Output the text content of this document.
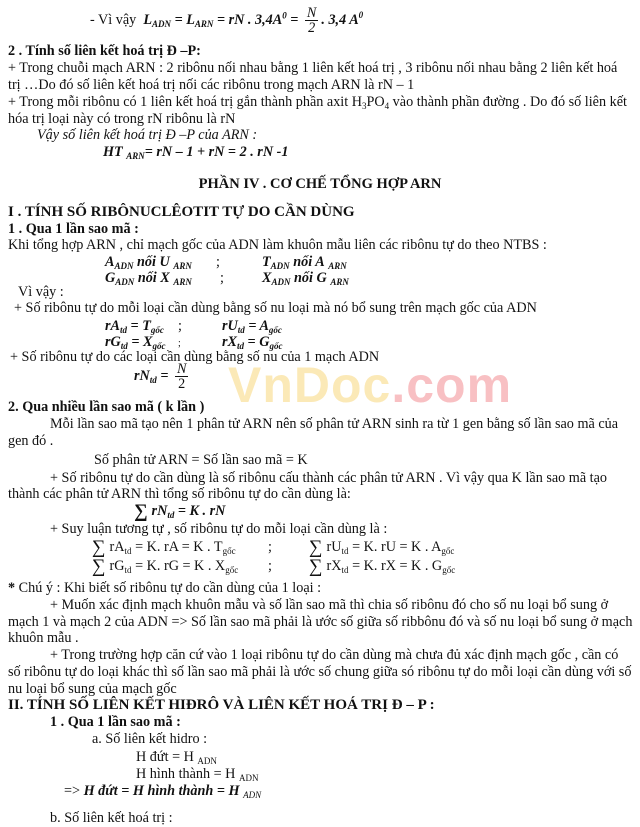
VnDoc.com
- Vì vậy $L_{ADN} = L_{ARN}$ = rN . $3,4A^0 = \frac{N}{2}$ . 3,4 $A^0$
2 . Tính số liên kết hoá trị Đ –P:
+ Trong chuỗi mạch ARN : 2 ribônu nối nhau bằng 1 liên kết hoá trị , 3 ribônu nối nhau bằng 2 liên kết hoá
trị …Do đó số liên kết hoá trị nối các ribônu trong mạch ARN là rN – 1
+ Trong mỗi ribônu có 1 liên kết hoá trị gắn thành phần axit $H_3PO_4$ vào thành phần đường . Do đó số liên kết
hóa trị loại này có trong rN ribônu là rN
Vậy số liên kết hoá trị Đ –P của ARN :
HT $_{ARN}$= rN – 1 + rN = 2 . rN -1
PHẦN IV . CƠ CHẾ TỔNG HỢP ARN
I . TÍNH SỐ RIBÔNUCLÊOTIT TỰ DO CẦN DÙNG
1 . Qua 1 lần sao mã :
Khi tổng hợp ARN , chỉ mạch gốc của ADN làm khuôn mẫu liên các ribônu tự do theo NTBS :
$A_{ADN}$ nối U $_{ARN}$ ;	$T_{ADN}$ nối A $_{ARN}$
$G_{ADN}$ nối X $_{ARN}$ ;	$X_{ADN}$ nối G $_{ARN}$
Vì vậy :
+ Số ribônu tự do mỗi loại cần dùng bằng số nu loại mà nó bổ sung trên mạch gốc của ADN
$rA_{td} = T_{gốc}$ ;	$rU_{td} = A_{gốc}$
$rG_{td} = X_{gốc}$ ;	$rX_{td} = G_{gốc}$
+ Số ribônu tự do các loại cần dùng bằng số nu của 1 mạch ADN
$rN_{td} = \frac{N}{2}$
2. Qua nhiều lần sao mã ( k lần )
Mỗi lần sao mã tạo nên 1 phân tử ARN nên số phân tử ARN sinh ra từ 1 gen bằng số lần sao mã của
gen đó .
Số phân tử ARN = Số lần sao mã = K
+ Số ribônu tự do cần dùng là số ribônu cấu thành các phân tử ARN . Vì vậy qua K lần sao mã tạo
thành các phân tử ARN thì tổng số ribônu tự do cần dùng là:
∑ $rN_{td} = K$ . rN
+ Suy luận tương tự , số ribônu tự do mỗi loại cần dùng là :
∑ $rA_{td} = K$. rA = K . $T_{gốc}$ ; ∑ $rU_{td} = K$. rU = K . $A_{gốc}$
∑ $rG_{td} = K$. rG = K . $X_{gốc}$ ; ∑ $rX_{td} = K$. rX = K . $G_{gốc}$
* Chú ý : Khi biết số ribônu tự do cần dùng của 1 loại :
+ Muốn xác định mạch khuôn mẫu và số lần sao mã thì chia số ribônu đó cho số nu loại bổ sung ở
mạch 1 và mạch 2 của ADN => Số lần sao mã phải là ước số giữa số ribbônu đó và số nu loại bổ sung ở mạch
khuôn mẫu .
+ Trong trường hợp căn cứ vào 1 loại ribônu tự do cần dùng mà chưa đủ xác định mạch gốc , cần có
số ribônu tự do loại khác thì số lần sao mã phải là ước số chung giữa só ribônu tự do mỗi loại cần dùng với số
nu loại bổ sung của mạch gốc
II. TÍNH SỐ LIÊN KẾT HIĐRÔ VÀ LIÊN KẾT HOÁ TRỊ Đ – P :
1 . Qua 1 lần sao mã :
a. Số liên kết hidro :
H đứt = H $_{ADN}$
H hình thành = H $_{ADN}$
=> H đứt = H hình thành = H $_{ADN}$
b. Số liên kết hoá trị :
